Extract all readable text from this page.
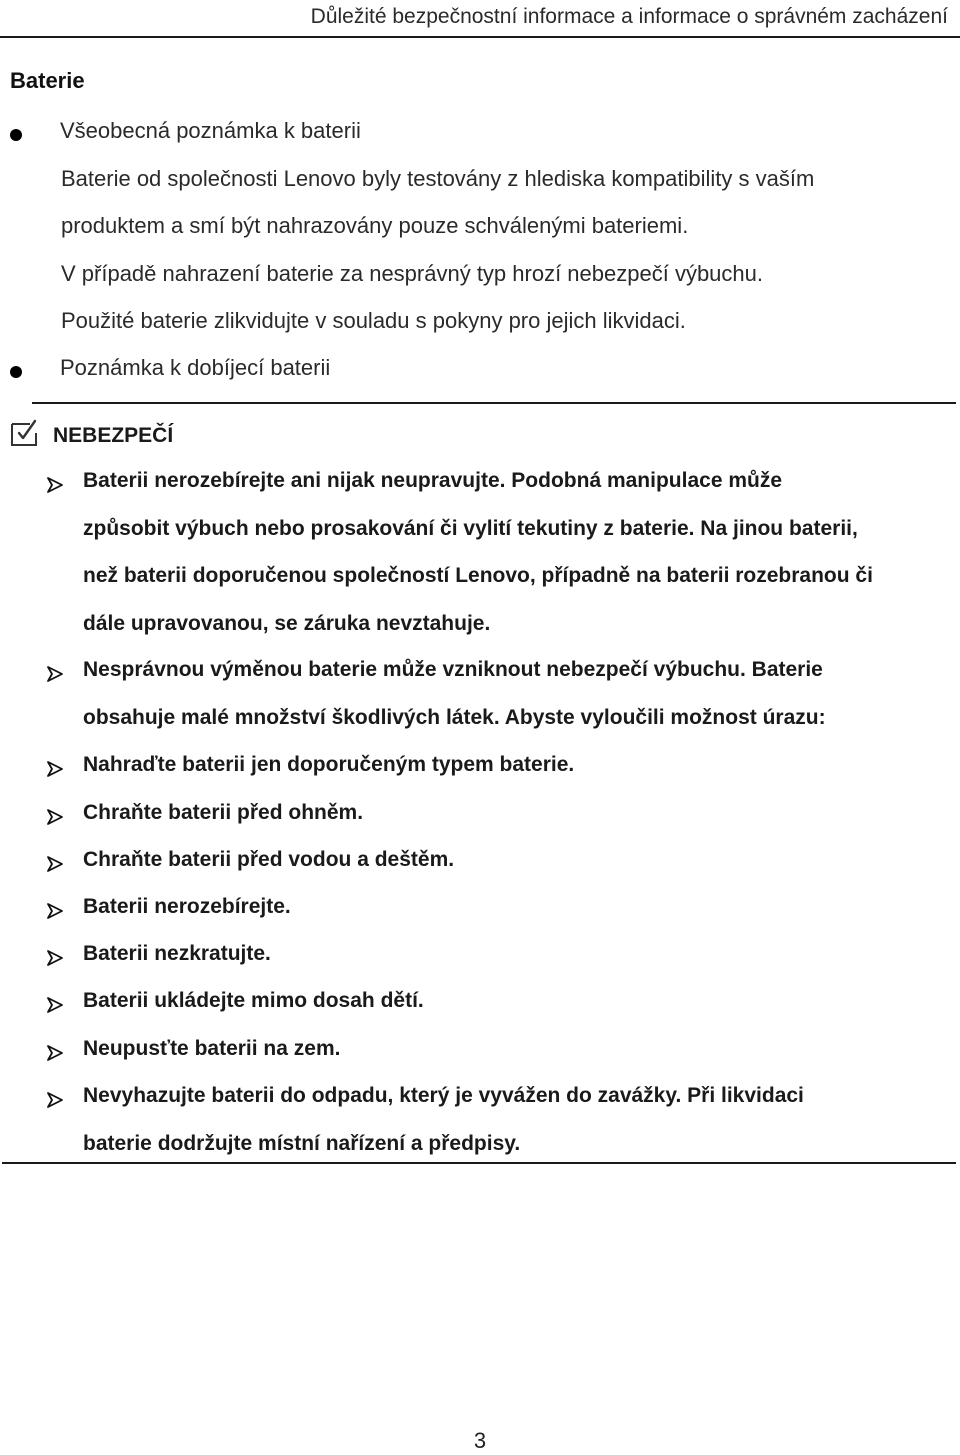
Důležité bezpečnostní informace a informace o správném zacházení
Baterie
Všeobecná poznámka k baterii
Baterie od společnosti Lenovo byly testovány z hlediska kompatibility s vaším
produktem a smí být nahrazovány pouze schválenými bateriemi.
V případě nahrazení baterie za nesprávný typ hrozí nebezpečí výbuchu.
Použité baterie zlikvidujte v souladu s pokyny pro jejich likvidaci.
Poznámka k dobíjecí baterii
NEBEZPEČÍ
Baterii nerozebírejte ani nijak neupravujte. Podobná manipulace může
způsobit výbuch nebo prosakování či vylití tekutiny z baterie. Na jinou baterii,
než baterii doporučenou společností Lenovo, případně na baterii rozebranou či
dále upravovanou, se záruka nevztahuje.
Nesprávnou výměnou baterie může vzniknout nebezpečí výbuchu. Baterie
obsahuje malé množství škodlivých látek. Abyste vyloučili možnost úrazu:
Nahraďte baterii jen doporučeným typem baterie.
Chraňte baterii před ohněm.
Chraňte baterii před vodou a deštěm.
Baterii nerozebírejte.
Baterii nezkratujte.
Baterii ukládejte mimo dosah dětí.
Neupusťte baterii na zem.
Nevyhazujte baterii do odpadu, který je vyvážen do zavážky. Při likvidaci
baterie dodržujte místní nařízení a předpisy.
3
